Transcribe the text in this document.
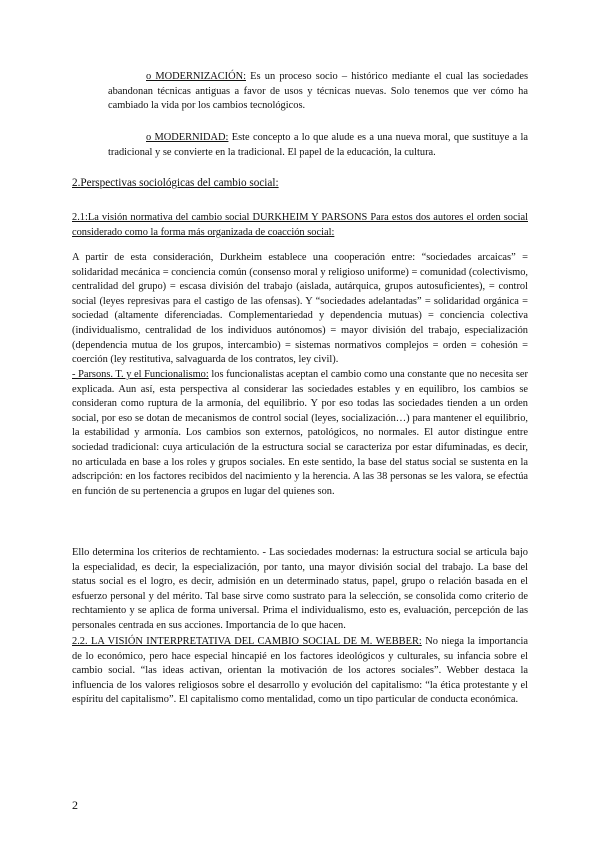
o MODERNIZACIÓN: Es un proceso socio – histórico mediante el cual las sociedades abandonan técnicas antiguas a favor de usos y técnicas nuevas. Solo tenemos que ver cómo ha cambiado la vida por los cambios tecnológicos.
o MODERNIDAD: Este concepto a lo que alude es a una nueva moral, que sustituye a la tradicional y se convierte en la tradicional. El papel de la educación, la cultura.
2.Perspectivas sociológicas del cambio social:
2.1:La visión normativa del cambio social DURKHEIM Y PARSONS Para estos dos autores el orden social considerado como la forma más organizada de coacción social:
A partir de esta consideración, Durkheim establece una cooperación entre: “sociedades arcaicas” = solidaridad mecánica = conciencia común (consenso moral y religioso uniforme) = comunidad (colectivismo, centralidad del grupo) = escasa división del trabajo (aislada, autárquica, grupos autosuficientes), = control social (leyes represivas para el castigo de las ofensas). Y “sociedades adelantadas” = solidaridad orgánica = sociedad (altamente diferenciadas. Complementariedad y dependencia mutuas) = conciencia colectiva (individualismo, centralidad de los individuos autónomos) = mayor división del trabajo, especialización (dependencia mutua de los grupos, intercambio) = sistemas normativos complejos = orden = cohesión = coerción (ley restitutiva, salvaguarda de los contratos, ley civil).
- Parsons. T. y el Funcionalismo: los funcionalistas aceptan el cambio como una constante que no necesita ser explicada. Aun así, esta perspectiva al considerar las sociedades estables y en equilibro, los cambios se consideran como ruptura de la armonía, del equilibrio. Y por eso todas las sociedades tienden a un orden social, por eso se dotan de mecanismos de control social (leyes, socialización…) para mantener el equilibrio, la estabilidad y armonía. Los cambios son externos, patológicos, no normales. El autor distingue entre sociedad tradicional: cuya articulación de la estructura social se caracteriza por estar difuminadas, es decir, no articulada en base a los roles y grupos sociales. En este sentido, la base del status social se sustenta en la adscripción: en los factores recibidos del nacimiento y la herencia. A las 38 personas se les valora, se efectúa en función de su pertenencia a grupos en lugar del quienes son.
Ello determina los criterios de rechtamiento. - Las sociedades modernas: la estructura social se articula bajo la especialidad, es decir, la especialización, por tanto, una mayor división social del trabajo. La base del status social es el logro, es decir, admisión en un determinado status, papel, grupo o relación basada en el esfuerzo personal y del mérito. Tal base sirve como sustrato para la selección, se consolida como criterio de rechtamiento y se aplica de forma universal. Prima el individualismo, esto es, evaluación, percepción de las personales centrada en sus acciones. Importancia de lo que hacen.
2.2. LA VISIÓN INTERPRETATIVA DEL CAMBIO SOCIAL DE M. WEBBER: No niega la importancia de lo económico, pero hace especial hincapié en los factores ideológicos y culturales, su infancia sobre el cambio social. “las ideas activan, orientan la motivación de los actores sociales”. Webber destaca la influencia de los valores religiosos sobre el desarrollo y evolución del capitalismo: “la ética protestante y el espíritu del capitalismo”. El capitalismo como mentalidad, como un tipo particular de conducta económica.
2
